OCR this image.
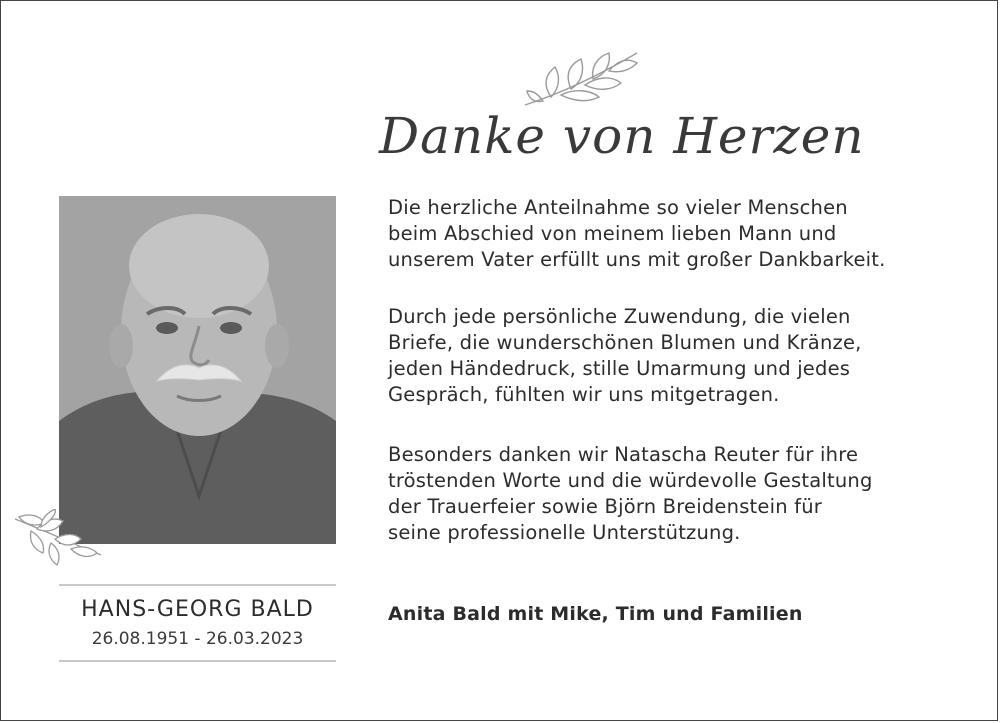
Danke von Herzen
HANS-GEORG BALD
26.08.1951 - 26.03.2023
Die herzliche Anteilnahme so vieler Menschen
beim Abschied von meinem lieben Mann und
unserem Vater erfüllt uns mit großer Dankbarkeit.
Durch jede persönliche Zuwendung, die vielen
Briefe, die wunderschönen Blumen und Kränze,
jeden Händedruck, stille Umarmung und jedes
Gespräch, fühlten wir uns mitgetragen.
Besonders danken wir Natascha Reuter für ihre
tröstenden Worte und die würdevolle Gestaltung
der Trauerfeier sowie Björn Breidenstein für
seine professionelle Unterstützung.
Anita Bald mit Mike, Tim und Familien
